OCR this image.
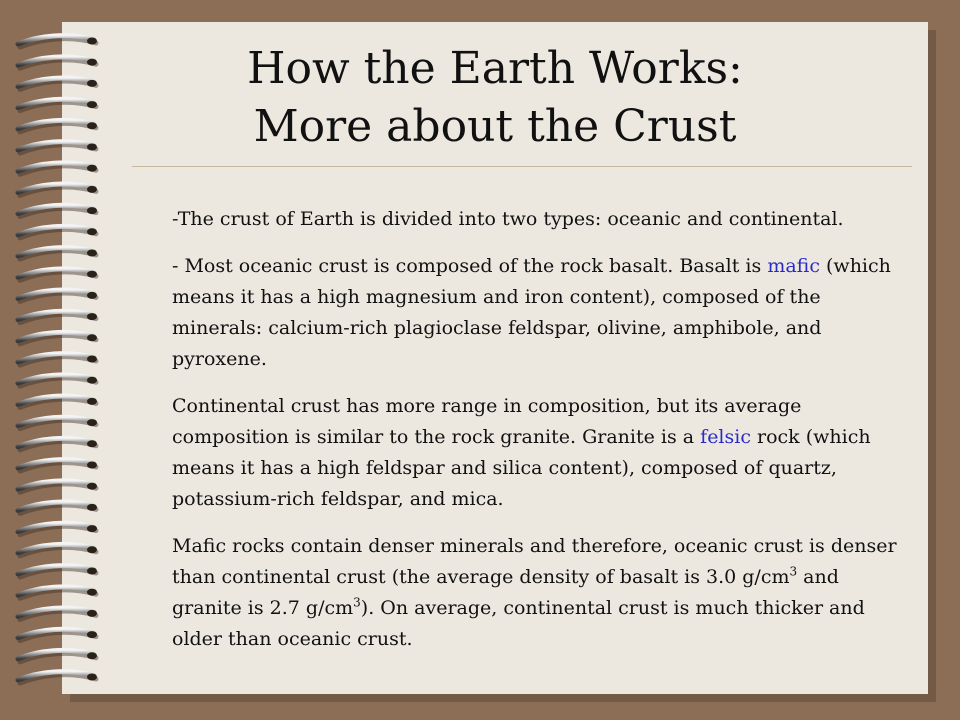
How the Earth Works:
More about the Crust

-The crust of Earth is divided into two types: oceanic and continental.

- Most oceanic crust is composed of the rock basalt. Basalt is mafic (which means it has a high magnesium and iron content), composed of the minerals: calcium-rich plagioclase feldspar, olivine, amphibole, and pyroxene.

Continental crust has more range in composition, but its average composition is similar to the rock granite. Granite is a felsic rock (which means it has a high feldspar and silica content), composed of quartz, potassium-rich feldspar, and mica.

Mafic rocks contain denser minerals and therefore, oceanic crust is denser than continental crust (the average density of basalt is 3.0 $g/cm^3$ and granite is 2.7 $g/cm^3$). On average, continental crust is much thicker and older than oceanic crust.
